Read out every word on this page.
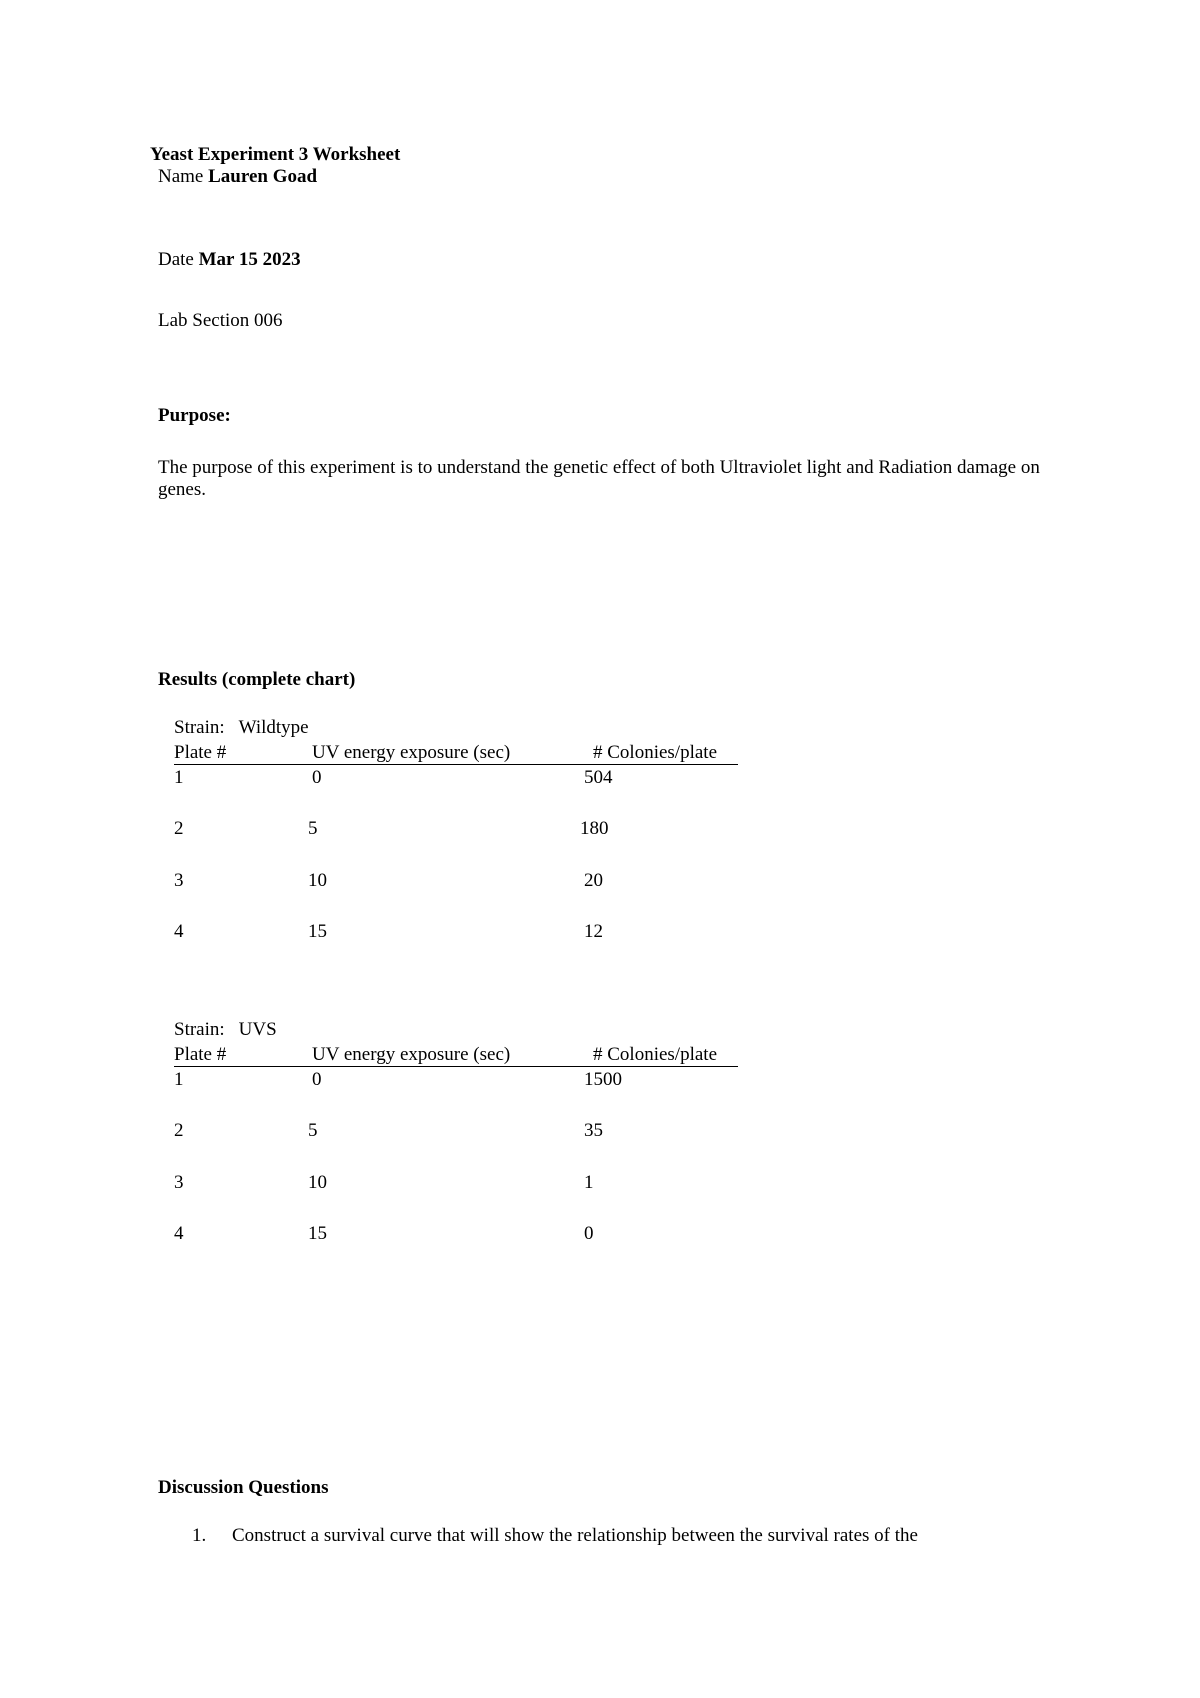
Yeast Experiment 3 Worksheet
Name Lauren Goad
Date Mar 15 2023
Lab Section 006
Purpose:
The purpose of this experiment is to understand the genetic effect of both Ultraviolet light and Radiation damage on genes.
Results (complete chart)
Strain: Wildtype
Plate #	UV energy exposure (sec)	# Colonies/plate
1	0	504
2	5	180
3	10	20
4	15	12
Strain: UVS
Plate #	UV energy exposure (sec)	# Colonies/plate
1	0	1500
2	5	35
3	10	1
4	15	0
Discussion Questions
1. Construct a survival curve that will show the relationship between the survival rates of the
